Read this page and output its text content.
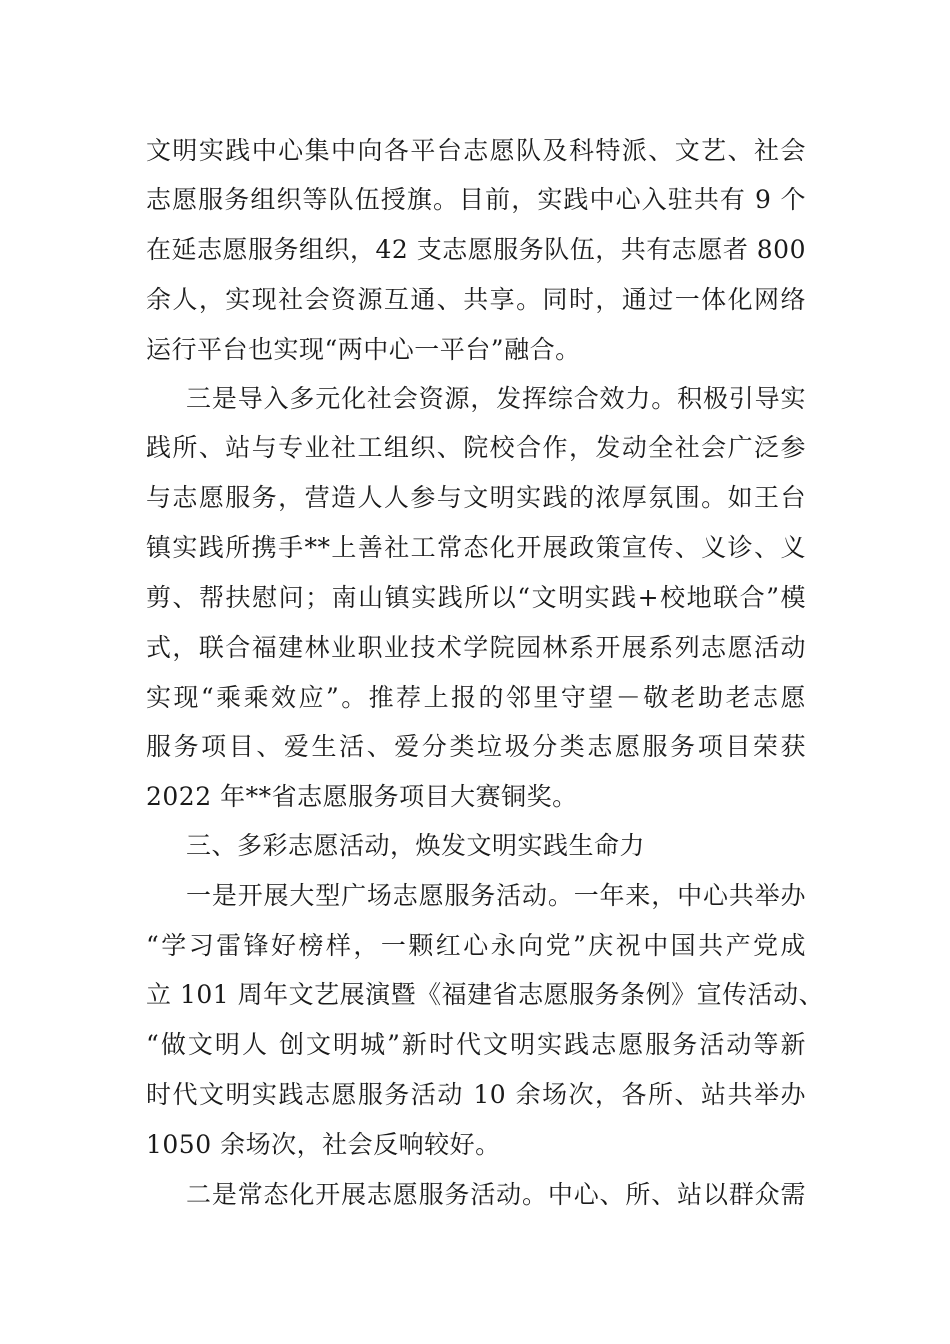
文明实践中心集中向各平台志愿队及科特派、文艺、社会
志愿服务组织等队伍授旗。目前，实践中心入驻共有 9 个
在延志愿服务组织，42 支志愿服务队伍，共有志愿者 800
余人，实现社会资源互通、共享。同时，通过一体化网络
运行平台也实现“两中心一平台”融合。
三是导入多元化社会资源，发挥综合效力。积极引导实
践所、站与专业社工组织、院校合作，发动全社会广泛参
与志愿服务，营造人人参与文明实践的浓厚氛围。如王台
镇实践所携手**上善社工常态化开展政策宣传、义诊、义
剪、帮扶慰问；南山镇实践所以“文明实践+校地联合”模
式，联合福建林业职业技术学院园林系开展系列志愿活动
实现“乘乘效应”。推荐上报的邻里守望－敬老助老志愿
服务项目、爱生活、爱分类垃圾分类志愿服务项目荣获
2022 年**省志愿服务项目大赛铜奖。
三、多彩志愿活动，焕发文明实践生命力
一是开展大型广场志愿服务活动。一年来，中心共举办
“学习雷锋好榜样，一颗红心永向党”庆祝中国共产党成
立 101 周年文艺展演暨《福建省志愿服务条例》宣传活动、
“做文明人 创文明城”新时代文明实践志愿服务活动等新
时代文明实践志愿服务活动 10 余场次，各所、站共举办
1050 余场次，社会反响较好。
二是常态化开展志愿服务活动。中心、所、站以群众需
